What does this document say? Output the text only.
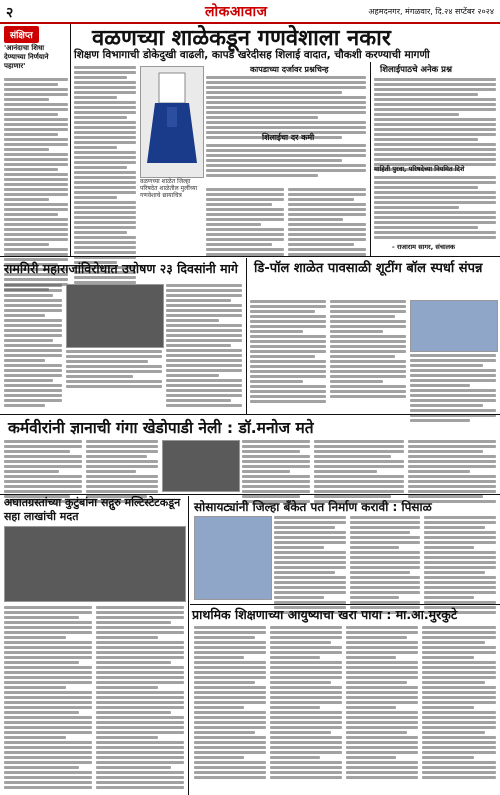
२	लोकआवाज	अहमदनगर, मंगळवार, दि.२४ सप्टेंबर २०२४
संक्षिप्त
'आनंदाचा शिधा देण्याच्या निर्णयाने पहाणार'
वळणच्या शाळेकडून गणवेशाला नकार
शिक्षण विभागाची डोकेदुखी वाढली, कापड खरेदीसह शिलाई वादात, चौकशी करण्याची मागणी
वळणच्या शाळेत जिल्हा परिषदेत शाळेतील मुलींच्या गणवेशाचे छायाचित्र
कापडाच्या दर्जावर प्रश्नचिन्ह
शिलाईचा दर कमी
शिलाईपाठचे अनेक प्रश्न
माहिती पुरवा, परिषदेच्या नियमित दिशे
- राजाराम सागर, संचालक
रामगिरी महाराजांविरोधात उपोषण २३ दिवसांनी मागे डि-पॉल शाळेत पावसाळी शूटींग बॉल स्पर्धा संपन्न
कर्मवीरांनी ज्ञानाची गंगा खेडोपाडी नेली : डॉ.मनोज मते
अघातग्रस्तांच्या कुटुंबांना सद्गुरु मल्टिस्टेटकडून सहा लाखांची मदत
सोसायट्यांनी जिल्हा बँकेत पत निर्माण करावी : पिसाळ
प्राथमिक शिक्षणाच्या आयुष्याचा खरा पाया : मा.आ.मुरकुटे
